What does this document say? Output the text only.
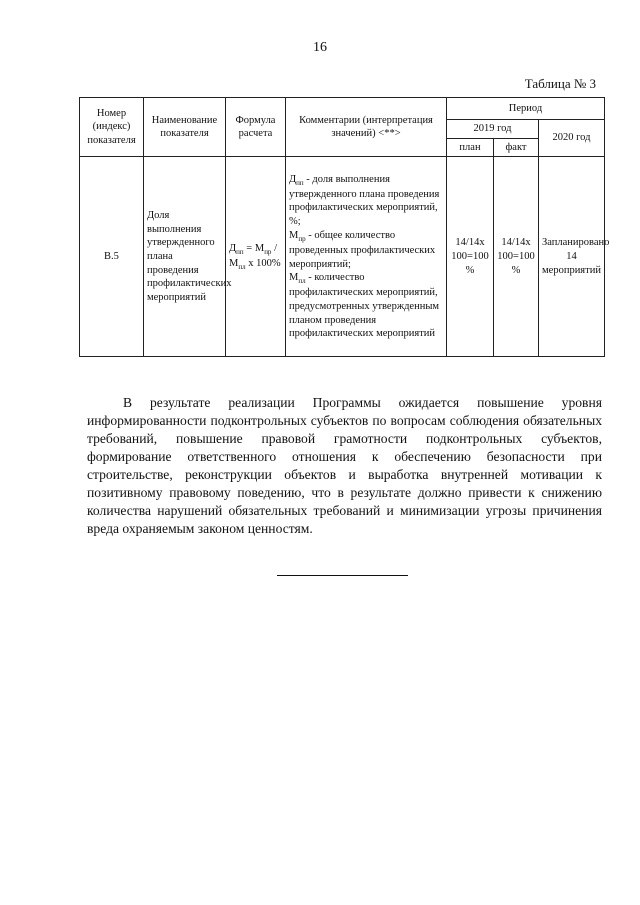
16
Таблица № 3
Номер (индекс) показателя	Наименование показателя	Формула расчета	Комментарии (интерпретация значений) <**>	Период		
				2019 год		2020 год
				план	факт	
В.5	Доля выполнения утвержденного плана проведения профилактических мероприятий	$Д_{пп} = М_{пр} / М_{пл}$ х 100%	$Д_{пп}$ - доля выполнения утвержденного плана проведения профилактических мероприятий, %;
$М_{пр}$ - общее количество проведенных профилактических мероприятий;
$М_{пл}$ - количество профилактических мероприятий, предусмотренных утвержденным планом проведения профилактических мероприятий	14/14х 100=100 %	14/14х 100=100 %	Запланировано 14 мероприятий

В результате реализации Программы ожидается повышение уровня информированности подконтрольных субъектов по вопросам соблюдения обязательных требований, повышение правовой грамотности подконтрольных субъектов, формирование ответственного отношения к обеспечению безопасности при строительстве, реконструкции объектов и выработка внутренней мотивации к позитивному правовому поведению, что в результате должно привести к снижению количества нарушений обязательных требований и минимизации угрозы причинения вреда охраняемым законом ценностям.
